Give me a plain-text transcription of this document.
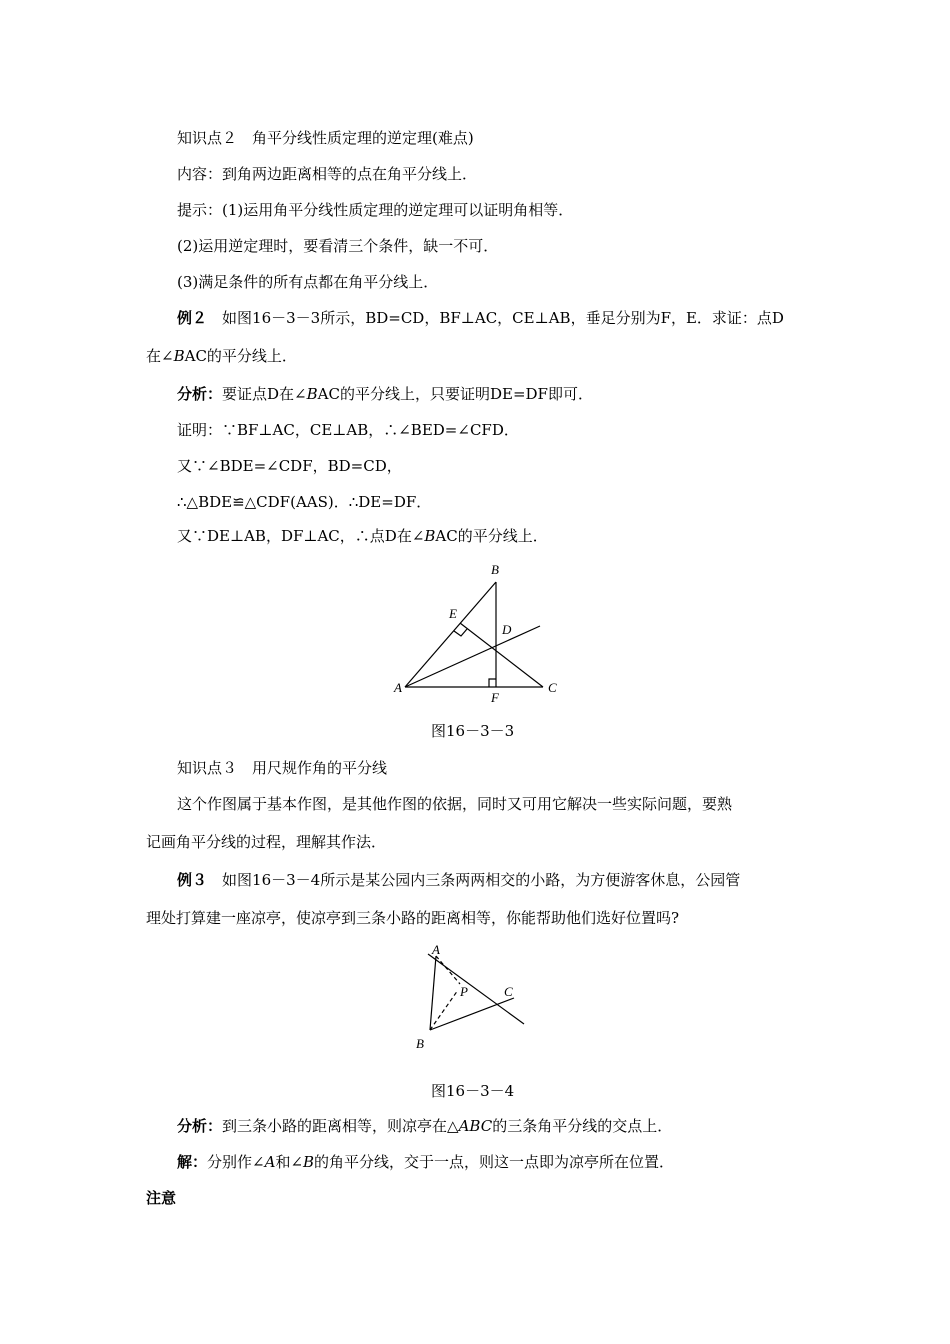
知识点２　角平分线性质定理的逆定理(难点)
内容：到角两边距离相等的点在角平分线上．
提示：(1)运用角平分线性质定理的逆定理可以证明角相等．
(2)运用逆定理时，要看清三个条件，缺一不可．
(3)满足条件的所有点都在角平分线上．
例２　 如图16－3－3所示，BD=CD，BF⊥AC，CE⊥AB，垂足分别为F，E．求证：点D
在∠BAC的平分线上．
分析：要证点D在∠BAC的平分线上，只要证明DE=DF即可．
证明：∵BF⊥AC，CE⊥AB，∴∠BED=∠CFD．
又∵∠BDE=∠CDF，BD=CD，
∴△BDE≌△CDF(AAS)．∴DE=DF．
又∵DE⊥AB，DF⊥AC，∴点D在∠BAC的平分线上．
B
E
D
A
F
C
图16－3－3
知识点３　用尺规作角的平分线
这个作图属于基本作图，是其他作图的依据，同时又可用它解决一些实际问题，要熟
记画角平分线的过程，理解其作法．
例３　 如图16－3－4所示是某公园内三条两两相交的小路，为方便游客休息，公园管
理处打算建一座凉亭，使凉亭到三条小路的距离相等，你能帮助他们选好位置吗?
A
P	C
B
图16－3－4
分析：到三条小路的距离相等，则凉亭在△ABC的三条角平分线的交点上．
解：分别作∠A和∠B的角平分线，交于一点，则这一点即为凉亭所在位置．
注意
